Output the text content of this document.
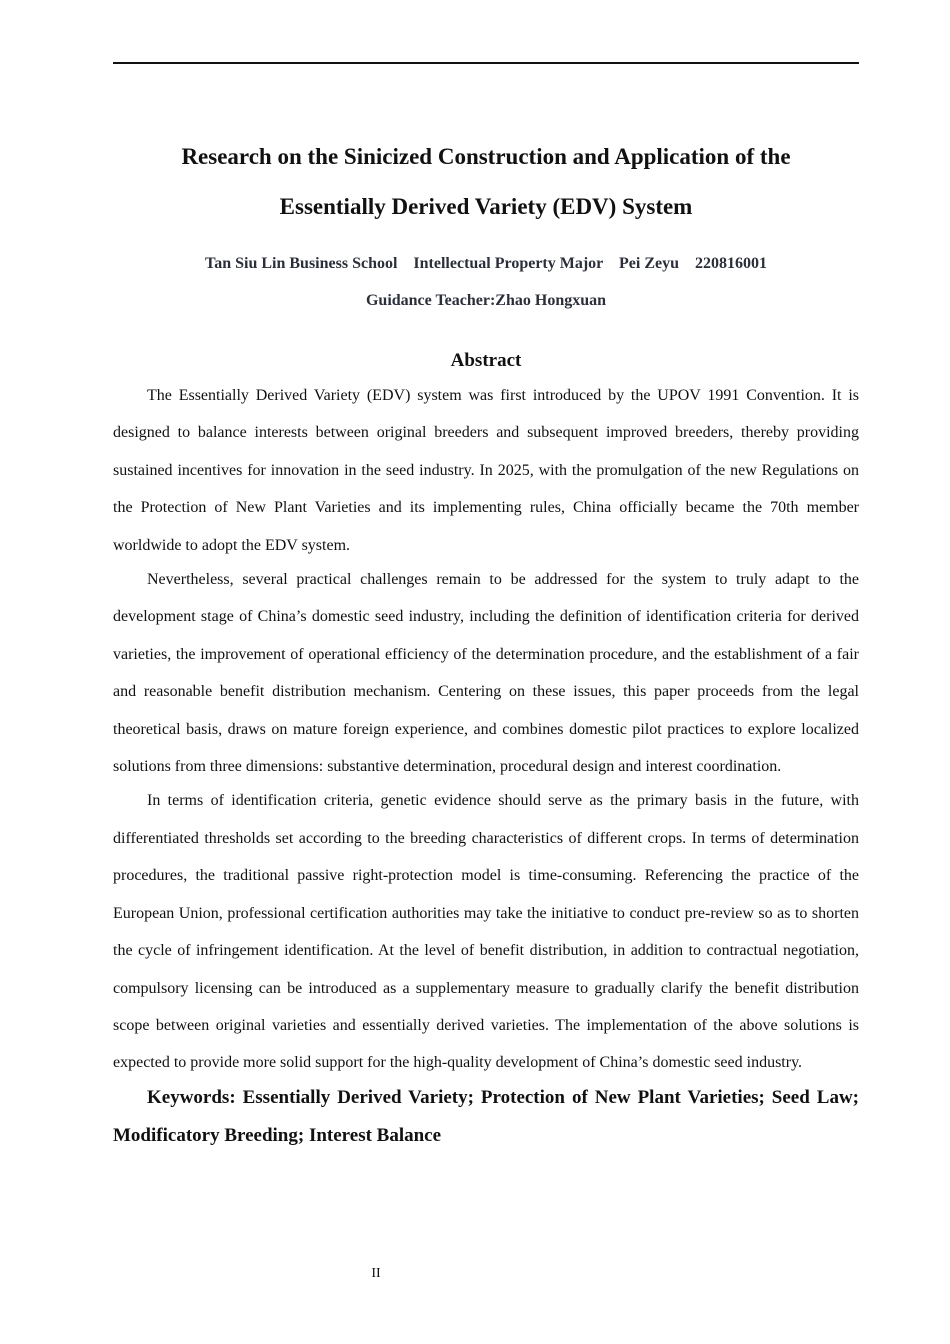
Research on the Sinicized Construction and Application of the
Essentially Derived Variety (EDV) System
Tan Siu Lin Business School    Intellectual Property Major    Pei Zeyu    220816001
Guidance Teacher:Zhao Hongxuan
Abstract

The Essentially Derived Variety (EDV) system was first introduced by the UPOV 1991 Convention. It is designed to balance interests between original breeders and subsequent improved breeders, thereby providing sustained incentives for innovation in the seed industry. In 2025, with the promulgation of the new Regulations on the Protection of New Plant Varieties and its implementing rules, China officially became the 70th member worldwide to adopt the EDV system.

Nevertheless, several practical challenges remain to be addressed for the system to truly adapt to the development stage of China’s domestic seed industry, including the definition of identification criteria for derived varieties, the improvement of operational efficiency of the determination procedure, and the establishment of a fair and reasonable benefit distribution mechanism. Centering on these issues, this paper proceeds from the legal theoretical basis, draws on mature foreign experience, and combines domestic pilot practices to explore localized solutions from three dimensions: substantive determination, procedural design and interest coordination.

In terms of identification criteria, genetic evidence should serve as the primary basis in the future, with differentiated thresholds set according to the breeding characteristics of different crops. In terms of determination procedures, the traditional passive right-protection model is time-consuming. Referencing the practice of the European Union, professional certification authorities may take the initiative to conduct pre-review so as to shorten the cycle of infringement identification. At the level of benefit distribution, in addition to contractual negotiation, compulsory licensing can be introduced as a supplementary measure to gradually clarify the benefit distribution scope between original varieties and essentially derived varieties. The implementation of the above solutions is expected to provide more solid support for the high-quality development of China’s domestic seed industry.

Keywords: Essentially Derived Variety; Protection of New Plant Varieties; Seed Law; Modificatory Breeding; Interest Balance

II
